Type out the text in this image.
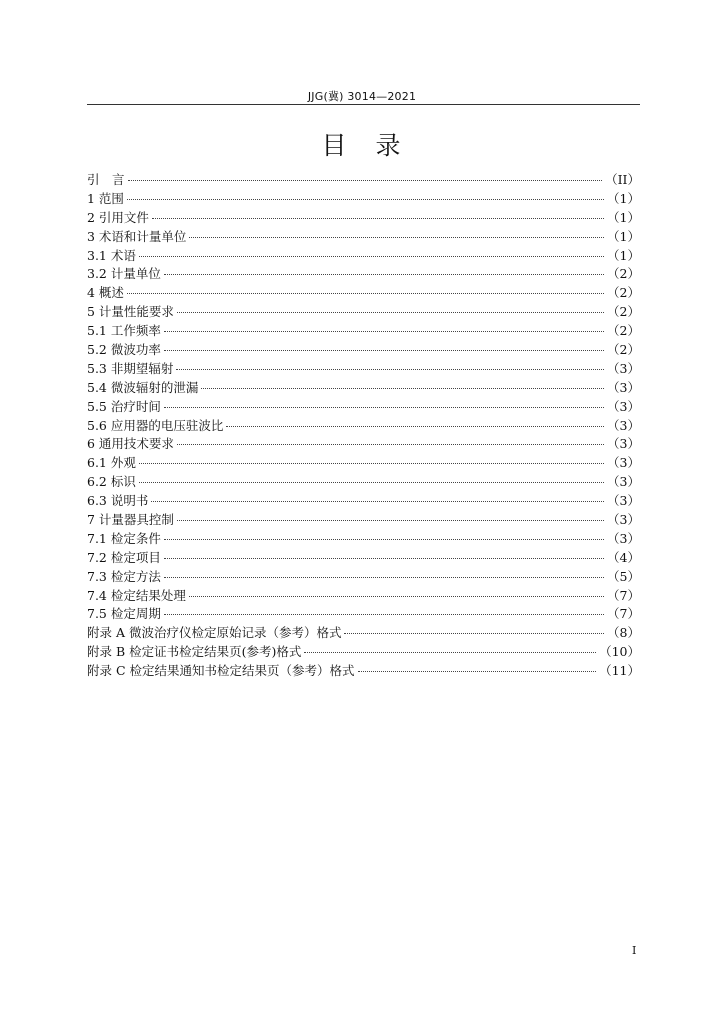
JJG(冀) 3014—2021
目　录
引　言	（II）
1 范围	（1）
2 引用文件	（1）
3 术语和计量单位	（1）
3.1 术语	（1）
3.2 计量单位	（2）
4 概述	（2）
5 计量性能要求	（2）
5.1 工作频率	（2）
5.2 微波功率	（2）
5.3 非期望辐射	（3）
5.4 微波辐射的泄漏	（3）
5.5 治疗时间	（3）
5.6 应用器的电压驻波比	（3）
6 通用技术要求	（3）
6.1 外观	（3）
6.2 标识	（3）
6.3 说明书	（3）
7 计量器具控制	（3）
7.1 检定条件	（3）
7.2 检定项目	（4）
7.3 检定方法	（5）
7.4 检定结果处理	（7）
7.5 检定周期	（7）
附录 A 微波治疗仪检定原始记录（参考）格式	（8）
附录 B 检定证书检定结果页(参考)格式	（10）
附录 C 检定结果通知书检定结果页（参考）格式	（11）
I
